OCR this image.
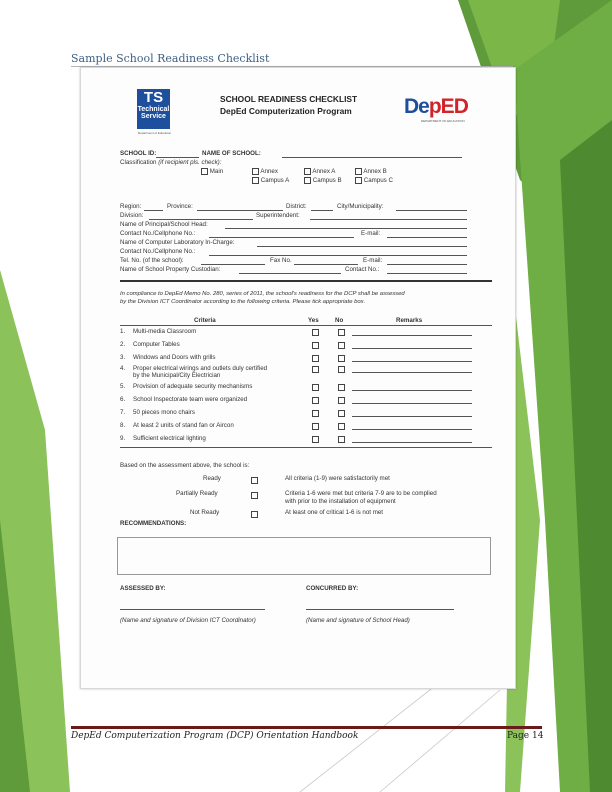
Sample School Readiness Checklist
TS
Technical
Service
Department of Education
DepED
DEPARTMENT OF EDUCATION
SCHOOL READINESS CHECKLIST
DepEd Computerization Program
SCHOOL ID:	NAME OF SCHOOL:
Classification (if recipient pls. check):
Main	Annex	Annex A	Annex B
Campus A	Campus B	Campus C
Region:	Province:	District:	City/Municipality:
Division:	Superintendent:
Name of Principal/School Head:
Contact No./Cellphone No.:	E-mail:
Name of Computer Laboratory In-Charge:
Contact No./Cellphone No.:
Tel. No. (of the school):	Fax No.	E-mail:
Name of School Property Custodian:	Contact No.:
In compliance to DepEd Memo No. 280, series of 2011, the school's readiness for the DCP shall be assessed
by the Division ICT Coordinator according to the following criteria. Please tick appropriate box.
Criteria	Yes	No	Remarks
1. Multi-media Classroom
2. Computer Tables
3. Windows and Doors with grills
4. Proper electrical wirings and outlets duly certified
by the Municipal/City Electrician
5. Provision of adequate security mechanisms
6. School Inspectorate team were organized
7. 50 pieces mono chairs
8. At least 2 units of stand fan or Aircon
9. Sufficient electrical lighting
Based on the assessment above, the school is:
Ready	All criteria (1-9) were satisfactorily met
Partially Ready	Criteria 1-6 were met but criteria 7-9 are to be complied
with prior to the installation of equipment
Not Ready	At least one of critical 1-6 is not met
RECOMMENDATIONS:
ASSESSED BY:	CONCURRED BY:
(Name and signature of Division ICT Coordinator)	(Name and signature of School Head)
DepEd Computerization Program (DCP) Orientation Handbook	Page 14
